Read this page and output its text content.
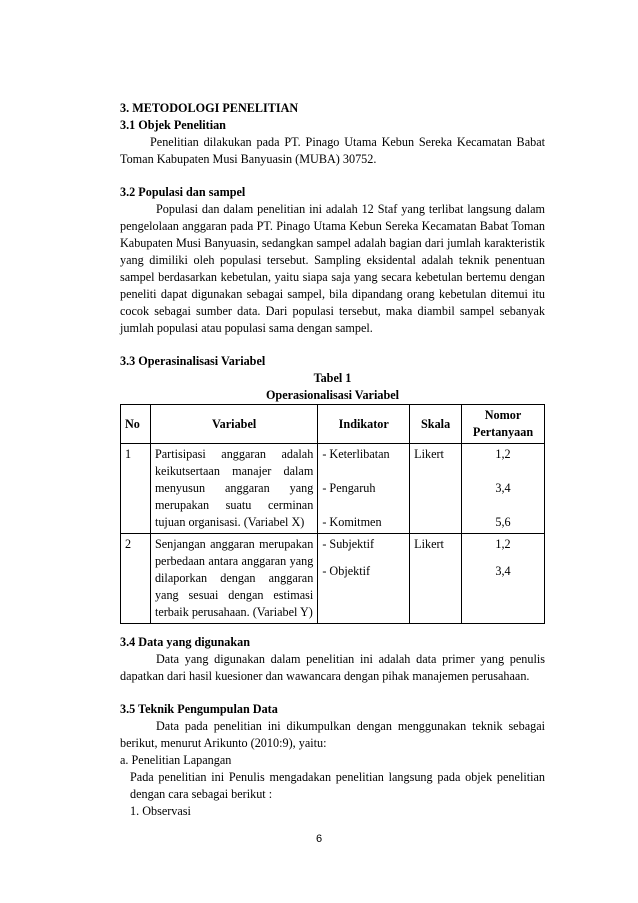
3. METODOLOGI PENELITIAN

3.1 Objek Penelitian

Penelitian dilakukan pada PT. Pinago Utama Kebun Sereka Kecamatan Babat Toman Kabupaten Musi Banyuasin (MUBA) 30752.

3.2 Populasi dan sampel

Populasi dan dalam penelitian ini adalah 12 Staf yang terlibat langsung dalam pengelolaan anggaran pada PT. Pinago Utama Kebun Sereka Kecamatan Babat Toman Kabupaten Musi Banyuasin, sedangkan sampel adalah bagian dari jumlah karakteristik yang dimiliki oleh populasi tersebut. Sampling eksidental adalah teknik penentuan sampel berdasarkan kebetulan, yaitu siapa saja yang secara kebetulan bertemu dengan peneliti dapat digunakan sebagai sampel, bila dipandang orang kebetulan ditemui itu cocok sebagai sumber data. Dari populasi tersebut, maka diambil sampel sebanyak jumlah populasi atau populasi sama dengan sampel.

3.3 Operasinalisasi Variabel

Tabel 1

Operasionalisasi Variabel

No	Variabel	Indikator	Skala	Nomor Pertanyaan
1	Partisipasi anggaran adalah keikutsertaan manajer dalam menyusun anggaran yang merupakan suatu cerminan tujuan organisasi. (Variabel X)	- Keterlibatan
- Pengaruh
- Komitmen	Likert	1,2
3,4
5,6

2	Senjangan anggaran merupakan perbedaan antara anggaran yang dilaporkan dengan anggaran yang sesuai dengan estimasi terbaik perusahaan. (Variabel Y)	- Subjektif
- Objektif	Likert	1,2
3,4

3.4 Data yang digunakan

Data yang digunakan dalam penelitian ini adalah data primer yang penulis dapatkan dari hasil kuesioner dan wawancara dengan pihak manajemen perusahaan.

3.5 Teknik Pengumpulan Data

Data pada penelitian ini dikumpulkan dengan menggunakan teknik sebagai berikut, menurut Arikunto (2010:9), yaitu:

a. Penelitian Lapangan

Pada penelitian ini Penulis mengadakan penelitian langsung pada objek penelitian dengan cara sebagai berikut :

1. Observasi

6
